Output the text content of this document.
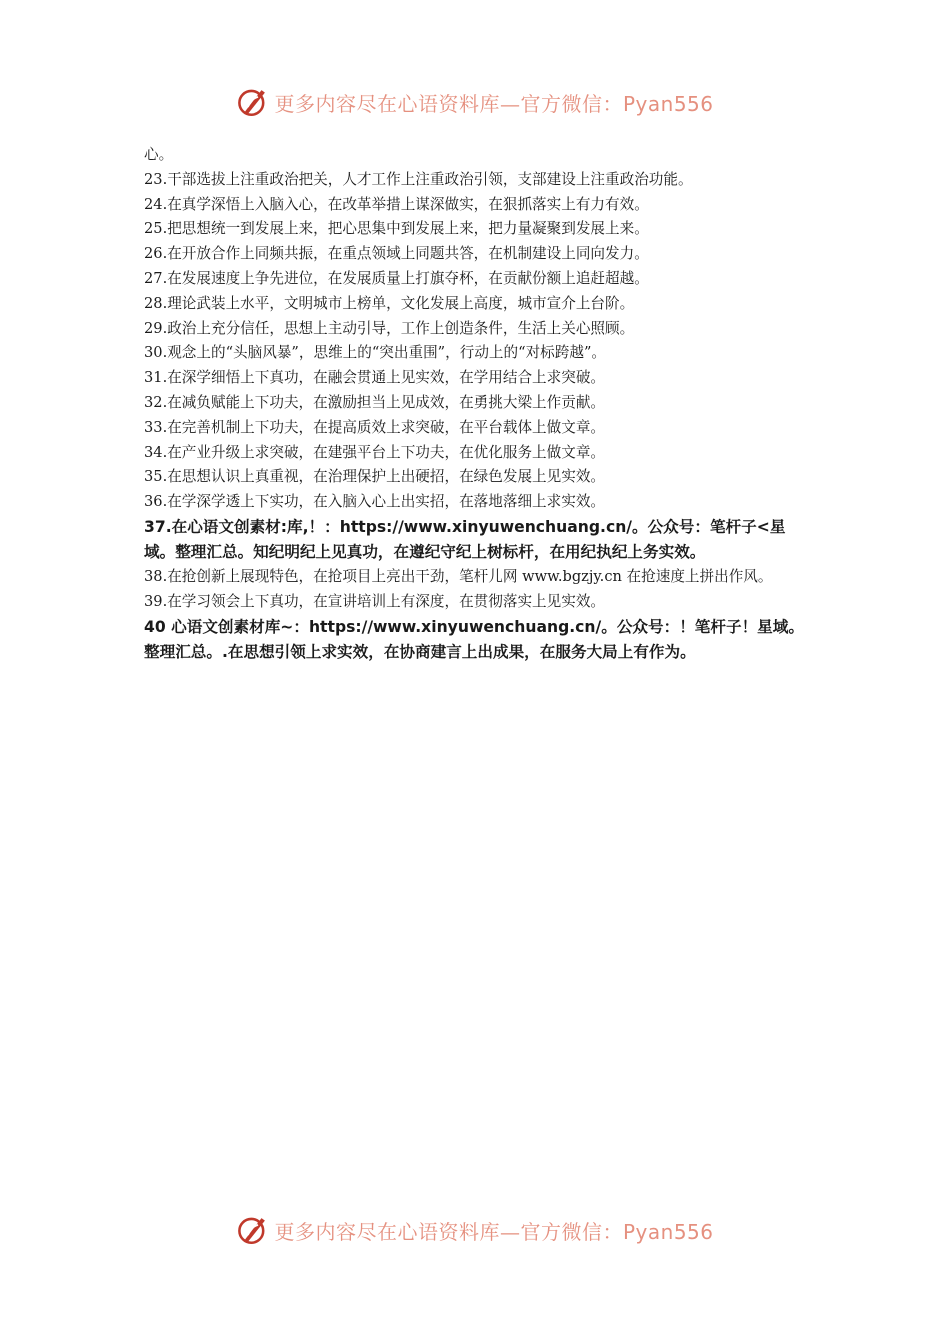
更多内容尽在心语资料库—官方微信：Pyan556
心。
23.干部选拔上注重政治把关，人才工作上注重政治引领，支部建设上注重政治功能。
24.在真学深悟上入脑入心，在改革举措上谋深做实，在狠抓落实上有力有效。
25.把思想统一到发展上来，把心思集中到发展上来，把力量凝聚到发展上来。
26.在开放合作上同频共振，在重点领域上同题共答，在机制建设上同向发力。
27.在发展速度上争先进位，在发展质量上打旗夺杯，在贡献份额上追赶超越。
28.理论武装上水平，文明城市上榜单，文化发展上高度，城市宣介上台阶。
29.政治上充分信任，思想上主动引导，工作上创造条件，生活上关心照顾。
30.观念上的“头脑风暴”，思维上的“突出重围”，行动上的“对标跨越”。
31.在深学细悟上下真功，在融会贯通上见实效，在学用结合上求突破。
32.在减负赋能上下功夫，在激励担当上见成效，在勇挑大梁上作贡献。
33.在完善机制上下功夫，在提高质效上求突破，在平台载体上做文章。
34.在产业升级上求突破，在建强平台上下功夫，在优化服务上做文章。
35.在思想认识上真重视，在治理保护上出硬招，在绿色发展上见实效。
36.在学深学透上下实功，在入脑入心上出实招，在落地落细上求实效。
37.在心语文创素材:库,！：https://www.xinyuwenchuang.cn/。公众号：笔杆子<星域。整理汇总。知纪明纪上见真功，在遵纪守纪上树标杆，在用纪执纪上务实效。
38.在抢创新上展现特色，在抢项目上亮出干劲，笔杆儿网 www.bgzjy.cn 在抢速度上拼出作风。
39.在学习领会上下真功，在宣讲培训上有深度，在贯彻落实上见实效。
40 心语文创素材库~：https://www.xinyuwenchuang.cn/。公众号：！笔杆子！星域。整理汇总。.在思想引领上求实效，在协商建言上出成果，在服务大局上有作为。
更多内容尽在心语资料库—官方微信：Pyan556
